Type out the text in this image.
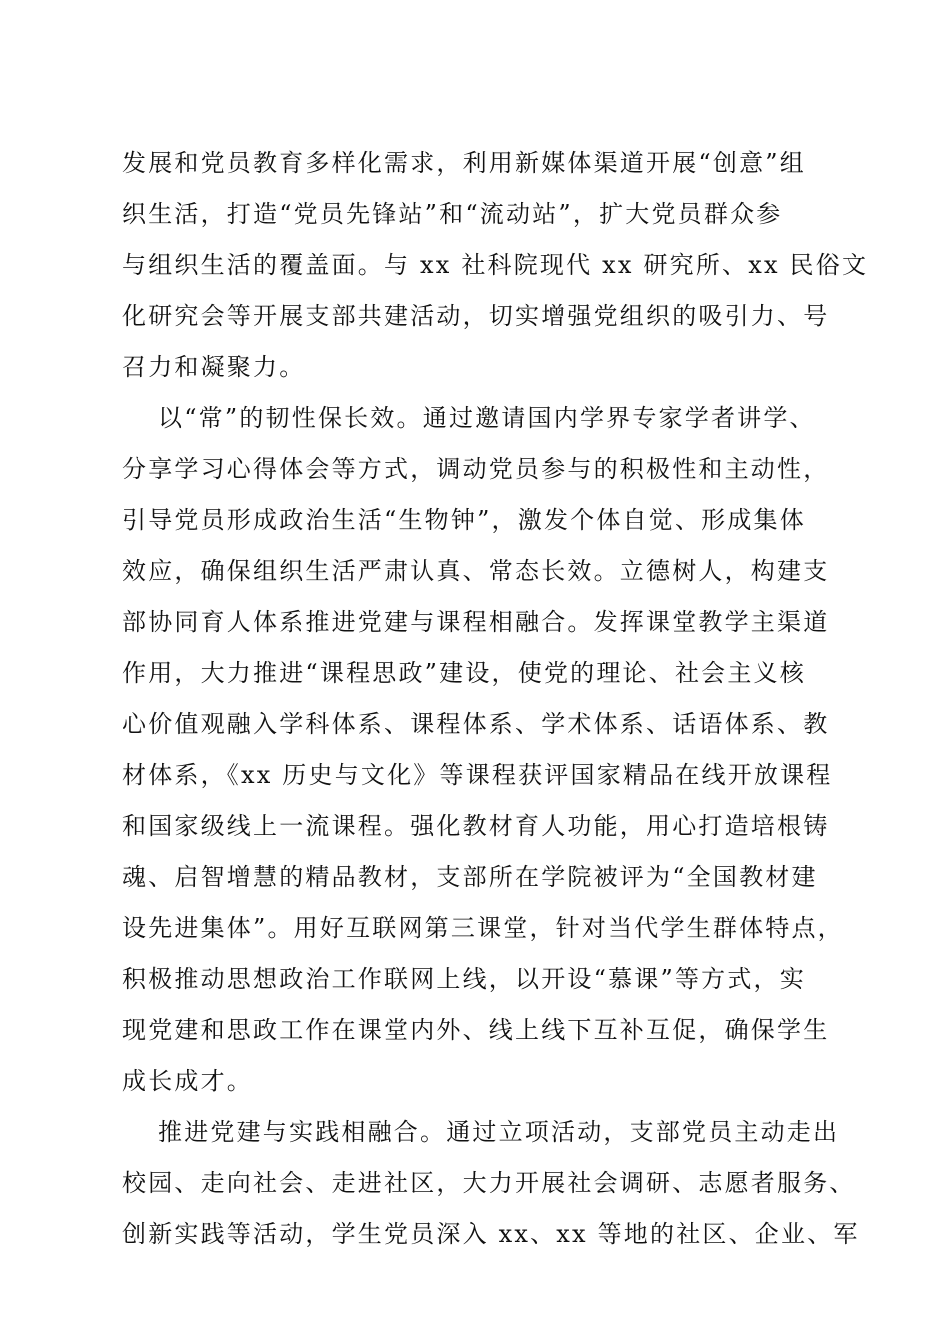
发展和党员教育多样化需求，利用新媒体渠道开展“创意”组
织生活，打造“党员先锋站”和“流动站”，扩大党员群众参
与组织生活的覆盖面。与 xx 社科院现代 xx 研究所、xx 民俗文
化研究会等开展支部共建活动，切实增强党组织的吸引力、号
召力和凝聚力。
以“常”的韧性保长效。通过邀请国内学界专家学者讲学、
分享学习心得体会等方式，调动党员参与的积极性和主动性，
引导党员形成政治生活“生物钟”，激发个体自觉、形成集体
效应，确保组织生活严肃认真、常态长效。立德树人，构建支
部协同育人体系推进党建与课程相融合。发挥课堂教学主渠道
作用，大力推进“课程思政”建设，使党的理论、社会主义核
心价值观融入学科体系、课程体系、学术体系、话语体系、教
材体系，《xx 历史与文化》等课程获评国家精品在线开放课程
和国家级线上一流课程。强化教材育人功能，用心打造培根铸
魂、启智增慧的精品教材，支部所在学院被评为“全国教材建
设先进集体”。用好互联网第三课堂，针对当代学生群体特点，
积极推动思想政治工作联网上线，以开设“慕课”等方式，实
现党建和思政工作在课堂内外、线上线下互补互促，确保学生
成长成才。
推进党建与实践相融合。通过立项活动，支部党员主动走出
校园、走向社会、走进社区，大力开展社会调研、志愿者服务、
创新实践等活动，学生党员深入 xx、xx 等地的社区、企业、军
